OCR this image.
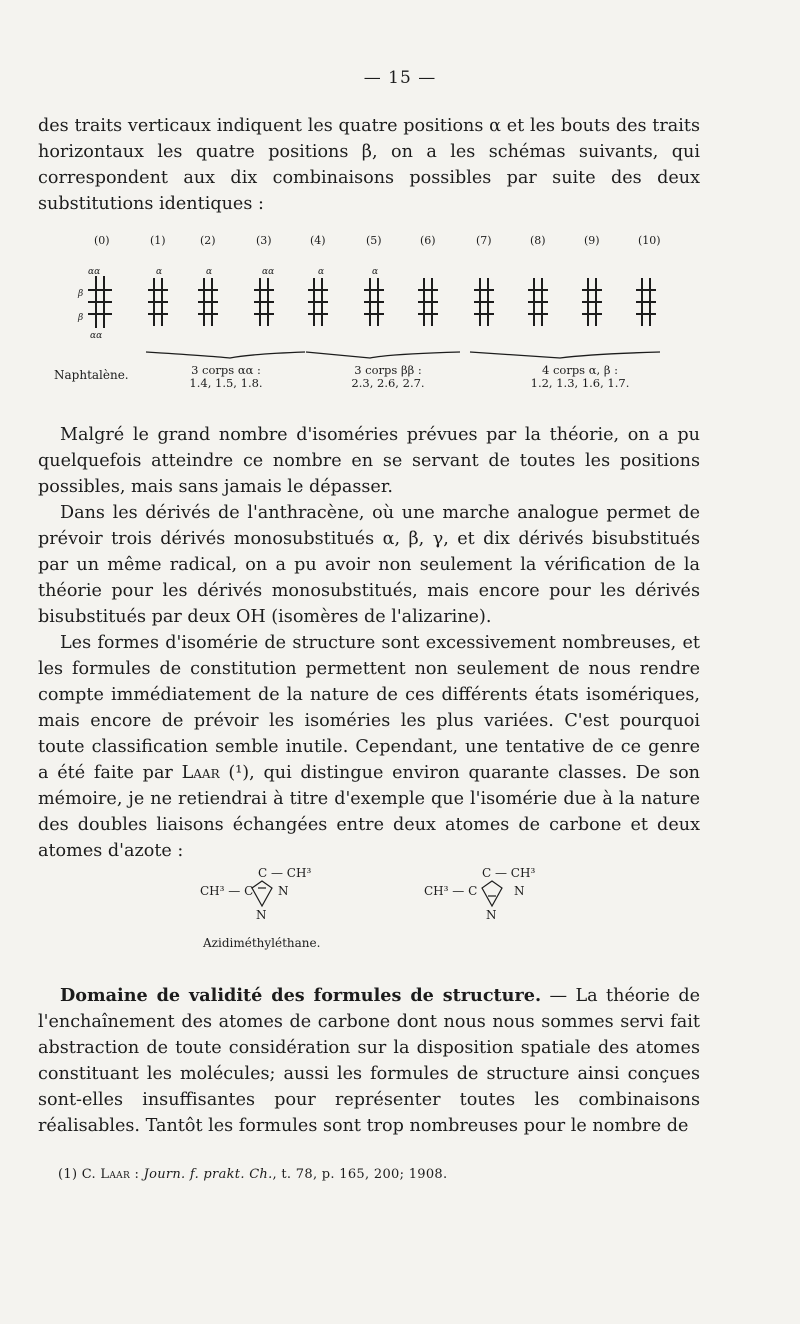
— 15 —

des traits verticaux indiquent les quatre positions α et les bouts des traits horizontaux les quatre positions β, on a les schémas suivants, qui correspondent aux dix combinaisons possibles par suite des deux substitutions identiques :

(0)	(1)	(2)	(3)	(4)	(5)	(6)	(7)	(8)	(9)	(10)
αα
β
β
αα
α	α	αα	α	α
Naphtalène.	3 corps αα :
1.4, 1.5, 1.8.
3 corps ββ :
2.3, 2.6, 2.7.
4 corps α, β :
1.2, 1.3, 1.6, 1.7.

Malgré le grand nombre d'isoméries prévues par la théorie, on a pu quelquefois atteindre ce nombre en se servant de toutes les positions possibles, mais sans jamais le dépasser.

Dans les dérivés de l'anthracène, où une marche analogue permet de prévoir trois dérivés monosubstitués α, β, γ, et dix dérivés bisubstitués par un même radical, on a pu avoir non seulement la vérification de la théorie pour les dérivés monosubstitués, mais encore pour les dérivés bisubstitués par deux OH (isomères de l'alizarine).

Les formes d'isomérie de structure sont excessivement nombreuses, et les formules de constitution permettent non seulement de nous rendre compte immédiatement de la nature de ces différents états isomériques, mais encore de prévoir les isoméries les plus variées. C'est pourquoi toute classification semble inutile. Cependant, une tentative de ce genre a été faite par Laar (¹), qui distingue environ quarante classes. De son mémoire, je ne retiendrai à titre d'exemple que l'isomérie due à la nature des doubles liaisons échangées entre deux atomes de carbone et deux atomes d'azote :

C — CH³
CH³ — C N
N
C — CH³
CH³ — C	N
N
Azidiméthyléthane.

Domaine de validité des formules de structure. — La théorie de l'enchaînement des atomes de carbone dont nous nous sommes servi fait abstraction de toute considération sur la disposition spatiale des atomes constituant les molécules; aussi les formules de structure ainsi conçues sont-elles insuffisantes pour représenter toutes les combinaisons réalisables. Tantôt les formules sont trop nombreuses pour le nombre de

(1) C. Laar : Journ. f. prakt. Ch., t. 78, p. 165, 200; 1908.
